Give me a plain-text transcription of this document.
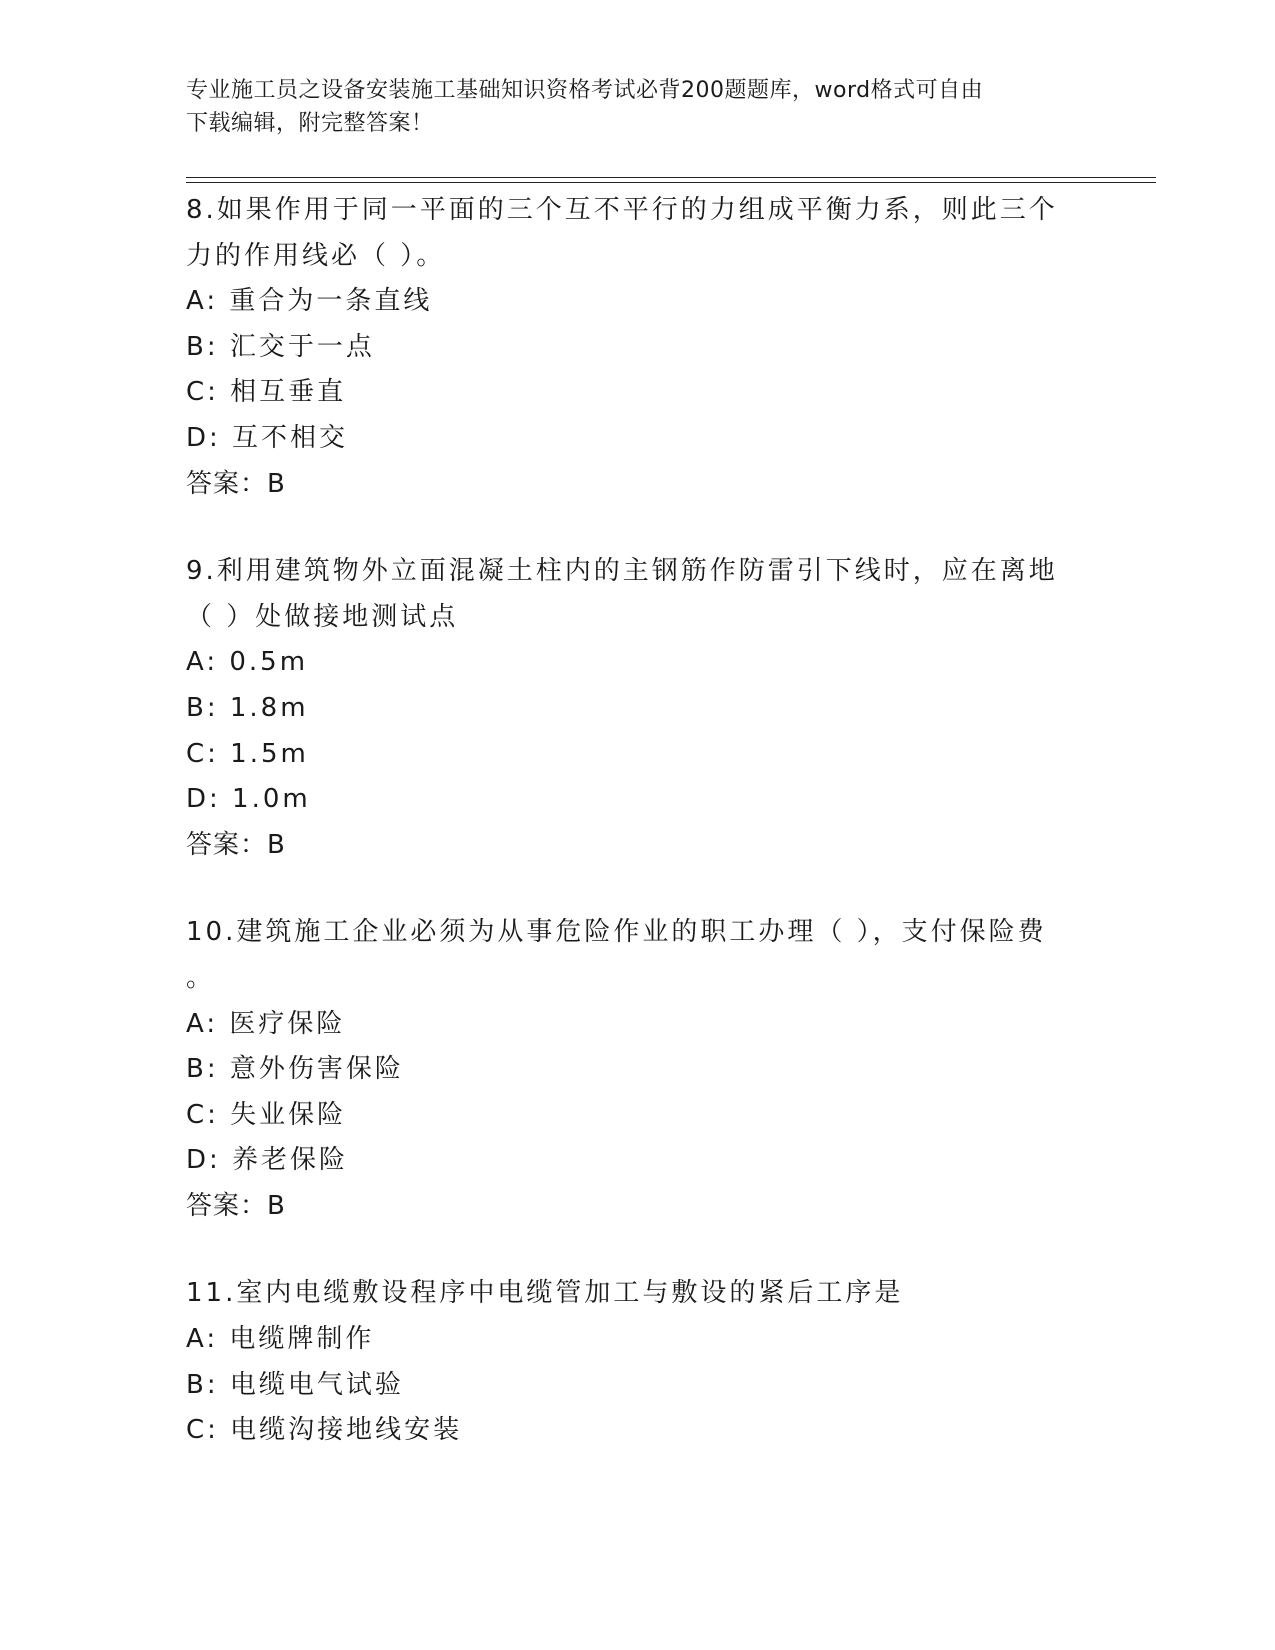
专业施工员之设备安装施工基础知识资格考试必背200题题库，word格式可自由
下载编辑，附完整答案！
8.如果作用于同一平面的三个互不平行的力组成平衡力系，则此三个
力的作用线必（ ）。
A: 重合为一条直线
B: 汇交于一点
C: 相互垂直
D: 互不相交
答案：B
9.利用建筑物外立面混凝土柱内的主钢筋作防雷引下线时，应在离地
（ ）处做接地测试点
A: 0.5m
B: 1.8m
C: 1.5m
D: 1.0m
答案：B
10.建筑施工企业必须为从事危险作业的职工办理（ ），支付保险费
。
A: 医疗保险
B: 意外伤害保险
C: 失业保险
D: 养老保险
答案：B
11.室内电缆敷设程序中电缆管加工与敷设的紧后工序是
A: 电缆牌制作
B: 电缆电气试验
C: 电缆沟接地线安装
